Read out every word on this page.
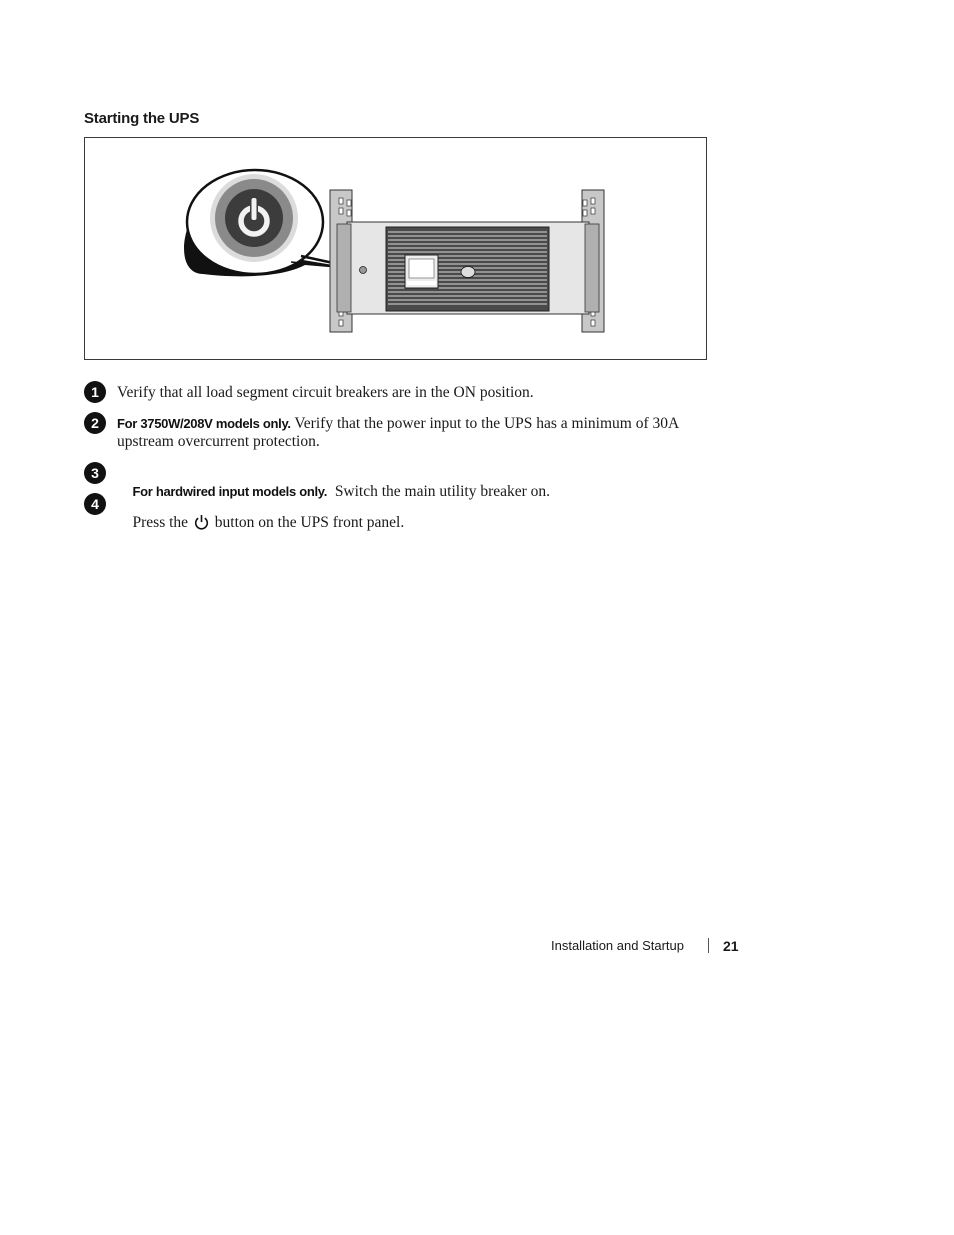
Starting the UPS
1	Verify that all load segment circuit breakers are in the ON position.
2	For 3750W/208V models only. Verify that the power input to the UPS has a minimum of 30A upstream overcurrent protection.
3

For hardwired input models only.  Switch the main utility breaker on.

4

Press the  button on the UPS front panel.

Installation and Startup	21
